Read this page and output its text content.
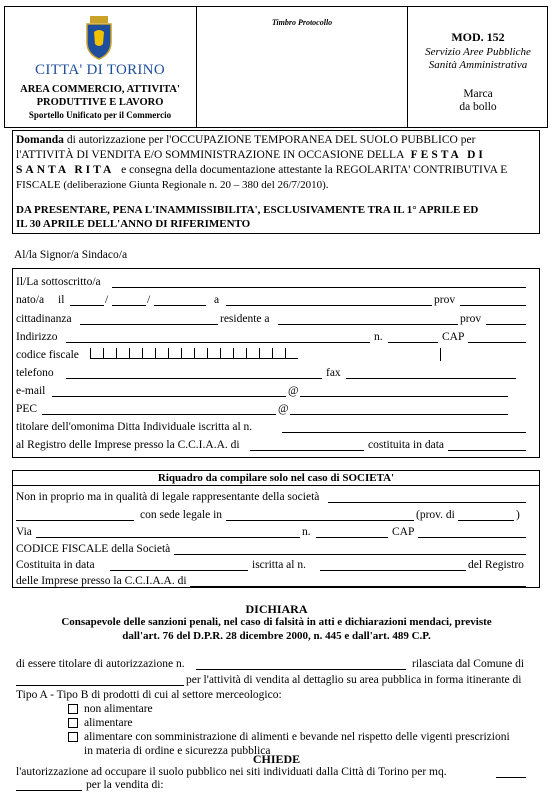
CITTA' DI TORINO
AREA COMMERCIO, ATTIVITA'
PRODUTTIVE E LAVORO
Sportello Unificato per il Commercio
Timbro Protocollo
MOD. 152
Servizio Aree Pubbliche
Sanità Amministrativa
Marca
da bollo
Domanda di autorizzazione per l'OCCUPAZIONE TEMPORANEA DEL SUOLO PUBBLICO per
l'ATTIVITÀ DI VENDITA E/O SOMMINISTRAZIONE IN OCCASIONE DELLA FESTA DI
SANTA RITA e consegna della documentazione attestante la REGOLARITA' CONTRIBUTIVA E
FISCALE (deliberazione Giunta Regionale n. 20 – 380 del 26/7/2010).
DA PRESENTARE, PENA L'INAMMISSIBILITA', ESCLUSIVAMENTE TRA IL 1° APRILE ED
IL 30 APRILE DELL'ANNO DI RIFERIMENTO
Al/la Signor/a Sindaco/a
Il/La sottoscritto/a
nato/a il	/	/	a	prov
cittadinanza	residente a	prov
Indirizzo	n.	CAP
codice fiscale
telefono	fax
e-mail	@
PEC	@
titolare dell'omonima Ditta Individuale iscritta al n.
al Registro delle Imprese presso la C.C.I.A.A. di	costituita in data
Riquadro da compilare solo nel caso di SOCIETA'
Non in proprio ma in qualità di legale rappresentante della società
con sede legale in	(prov. di	)
Via	n.	CAP
CODICE FISCALE della Società
Costituita in data	iscritta al n.	del Registro
delle Imprese presso la C.C.I.A.A. di
DICHIARA
Consapevole delle sanzioni penali, nel caso di falsità in atti e dichiarazioni mendaci, previste
dall'art. 76 del D.P.R. 28 dicembre 2000, n. 445 e dall'art. 489 C.P.
di essere titolare di autorizzazione n.	rilasciata dal Comune di
per l'attività di vendita al dettaglio su area pubblica in forma itinerante di
Tipo A - Tipo B di prodotti di cui al settore merceologico:
non alimentare
alimentare
alimentare con somministrazione di alimenti e bevande nel rispetto delle vigenti prescrizioni
in materia di ordine e sicurezza pubblica
CHIEDE
l'autorizzazione ad occupare il suolo pubblico nei siti individuati dalla Città di Torino per mq.
per la vendita di:
